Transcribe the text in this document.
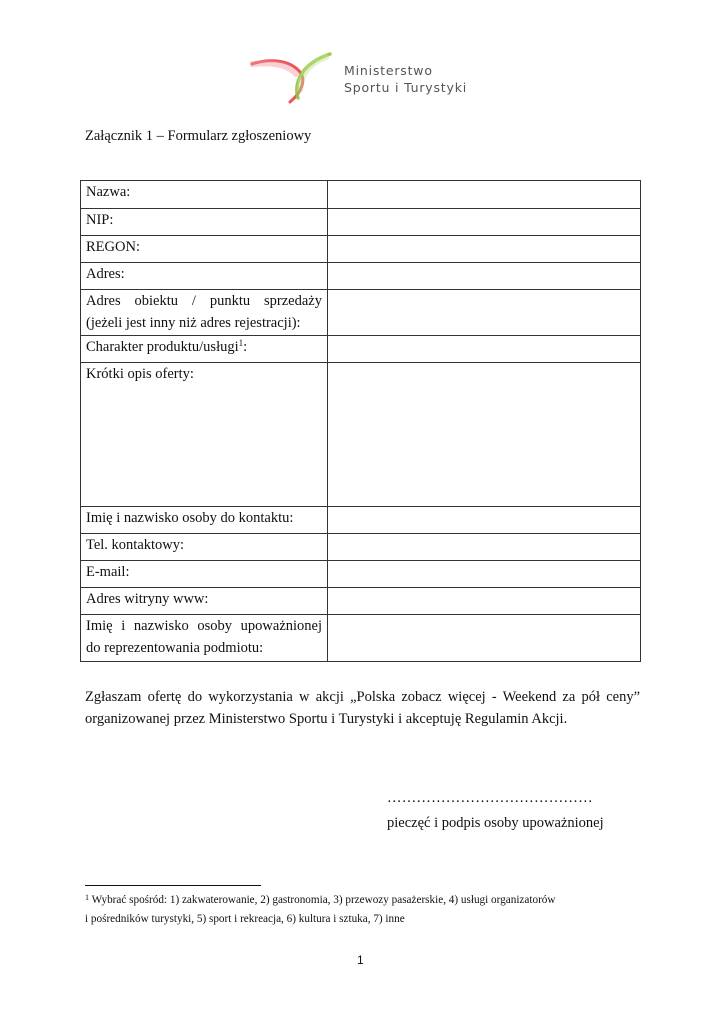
Ministerstwo
Sportu i Turystyki
Załącznik 1 – Formularz zgłoszeniowy
Nazwa:	
NIP:	
REGON:	
Adres:	

Adres obiektu / punktu sprzedaży
(jeżeli jest inny niż adres rejestracji):	
Charakter produktu/usługi$^1$:	
Krótki opis oferty:	
Imię i nazwisko osoby do kontaktu:	
Tel. kontaktowy:	
E-mail:	
Adres witryny www:	

Imię i nazwisko osoby upoważnionej
do reprezentowania podmiotu:	
Zgłaszam ofertę do wykorzystania w akcji „Polska zobacz więcej - Weekend za pół ceny”
organizowanej przez Ministerstwo Sportu i Turystyki i akceptuję Regulamin Akcji.
……………………………………
pieczęć i podpis osoby upoważnionej
$^1$ Wybrać spośród: 1) zakwaterowanie, 2) gastronomia, 3) przewozy pasażerskie, 4) usługi organizatorów
i pośredników turystyki, 5) sport i rekreacja, 6) kultura i sztuka, 7) inne
1
